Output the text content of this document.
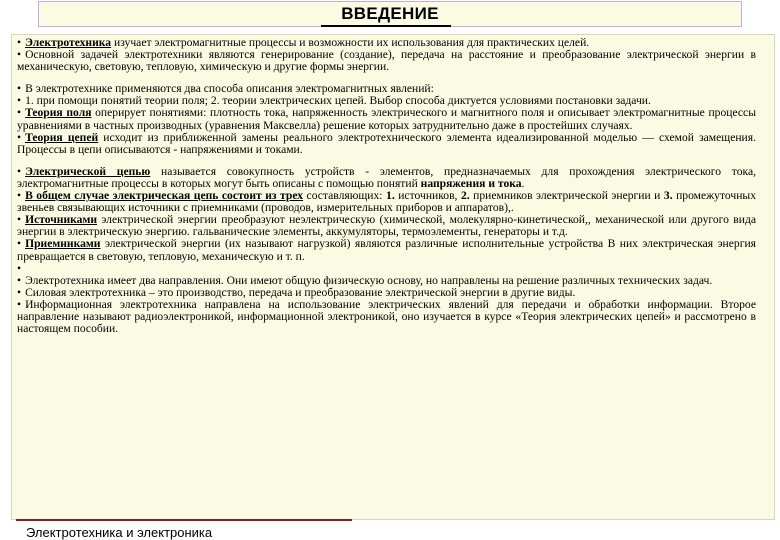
ВВЕДЕНИЕ

• Электротехника изучает электромагнитные процессы и возможности их использования для практических целей.

• Основной задачей электротехники являются генерирование (создание), передача на расстояние и преобразование электрической энергии в механическую, световую, тепловую, химическую и другие формы энергии.

• В электротехнике применяются два способа описания электромагнитных явлений:

• 1. при помощи понятий теории поля; 2. теории электрических цепей. Выбор способа диктуется условиями постановки задачи.

• Теория поля оперирует понятиями: плотность тока, напряженность электрического и магнитного поля и описывает электромагнитные процессы уравнениями в частных производных (уравнения Максвелла) решение которых затруднительно даже в простейших случаях.

• Теория цепей исходит из приближенной замены реального электротехнического элемента идеализированной моделью — схемой замещения. Процессы в цепи описываются - напряжениями и токами.

• Электрической цепью называется совокупность устройств - элементов, предназначаемых для прохождения электрического тока, электромагнитные процессы в которых могут быть описаны с помощью понятий напряжения и тока.

• В общем случае электрическая цепь состоит из трех составляющих: 1. источников, 2. приемников электрической энергии и 3. промежуточных звеньев связывающих источники с приемниками (проводов, измерительных приборов и аппаратов),.

• Источниками электрической энергии преобразуют неэлектрическую (химической, молекулярно-кинетической,, механической или другого вида энергии в электрическую энергию. гальванические элементы, аккумуляторы, термоэлементы, генераторы и т.д.

• Приемниками электрической энергии (их называют нагрузкой) являются различные исполнительные устройства В них электрическая энергия превращается в световую, тепловую, механическую и т. п.

•

• Электротехника имеет два направления. Они имеют общую физическую основу, но направлены на решение различных технических задач.

• Силовая электротехника – это производство, передача и преобразование электрической энергии в другие виды.

• Информационная электротехника направлена на использование электрических явлений для передачи и обработки информации. Второе направление называют радиоэлектроникой, информационной электроникой, оно изучается в курсе «Теория электрических цепей» и рассмотрено в настоящем пособии.

Электротехника и электроника
